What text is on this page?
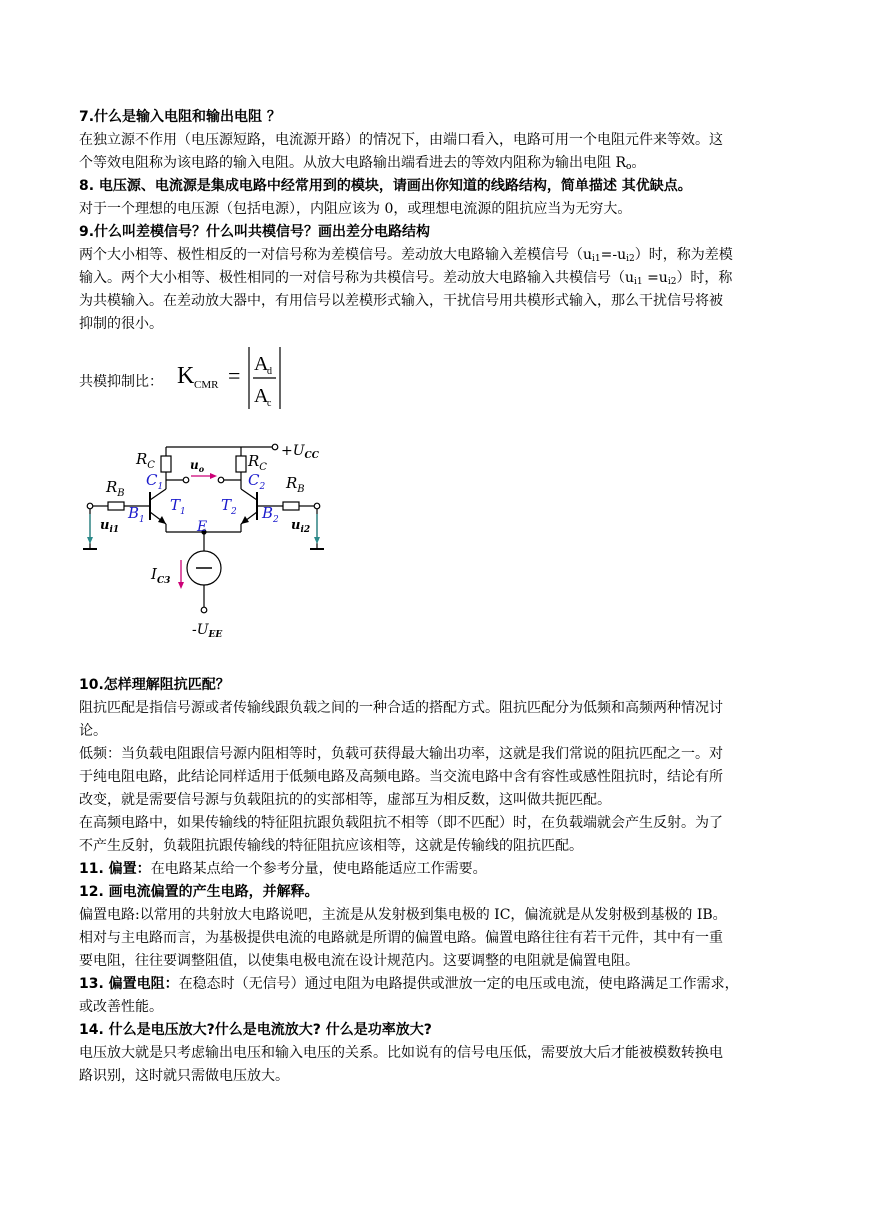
7.什么是输入电阻和输出电阻 ？
在独立源不作用（电压源短路，电流源开路）的情况下，由端口看入，电路可用一个电阻元件来等效。这
个等效电阻称为该电路的输入电阻。从放大电路输出端看进去的等效内阻称为输出电阻 $R_o$。
8. 电压源、电流源是集成电路中经常用到的模块，请画出你知道的线路结构，简单描述 其优缺点。
对于一个理想的电压源（包括电源），内阻应该为 0，或理想电流源的阻抗应当为无穷大。
9.什么叫差模信号？什么叫共模信号？画出差分电路结构
两个大小相等、极性相反的一对信号称为差模信号。差动放大电路输入差模信号$(u_{i1}=-u_{i2})$时，称为差模
输入。两个大小相等、极性相同的一对信号称为共模信号。差动放大电路输入共模信号$(u_{i1} =u_{i2})$时，称
为共模输入。在差动放大器中，有用信号以差模形式输入，干扰信号用共模形式输入，那么干扰信号将被
抑制的很小。
共模抑制比： K CMR = A
d
A
c
$R_C$	$R_C$
$R_B$
$R_B$
$u_o$
$+U_{CC}$
$-U_{EE}$
$u_{i1}$	$u_{i2}$
$I_{C3}$
$C_1$	$C_2$
$T_1$ $T_2$
$B_1$	$B_2$
E
10.怎样理解阻抗匹配？
阻抗匹配是指信号源或者传输线跟负载之间的一种合适的搭配方式。阻抗匹配分为低频和高频两种情况讨
论。
低频：当负载电阻跟信号源内阻相等时，负载可获得最大输出功率，这就是我们常说的阻抗匹配之一。对
于纯电阻电路，此结论同样适用于低频电路及高频电路。当交流电路中含有容性或感性阻抗时，结论有所
改变，就是需要信号源与负载阻抗的的实部相等，虚部互为相反数，这叫做共扼匹配。
在高频电路中，如果传输线的特征阻抗跟负载阻抗不相等（即不匹配）时，在负载端就会产生反射。为了
不产生反射，负载阻抗跟传输线的特征阻抗应该相等，这就是传输线的阻抗匹配。
11. 偏置：在电路某点给一个参考分量，使电路能适应工作需要。
12. 画电流偏置的产生电路，并解释。
偏置电路:以常用的共射放大电路说吧，主流是从发射极到集电极的 IC，偏流就是从发射极到基极的 IB。
相对与主电路而言，为基极提供电流的电路就是所谓的偏置电路。偏置电路往往有若干元件，其中有一重
要电阻，往往要调整阻值，以使集电极电流在设计规范内。这要调整的电阻就是偏置电阻。
13. 偏置电阻：在稳态时（无信号）通过电阻为电路提供或泄放一定的电压或电流，使电路满足工作需求，
或改善性能。
14. 什么是电压放大?什么是电流放大? 什么是功率放大?
电压放大就是只考虑输出电压和输入电压的关系。比如说有的信号电压低，需要放大后才能被模数转换电
路识别，这时就只需做电压放大。
